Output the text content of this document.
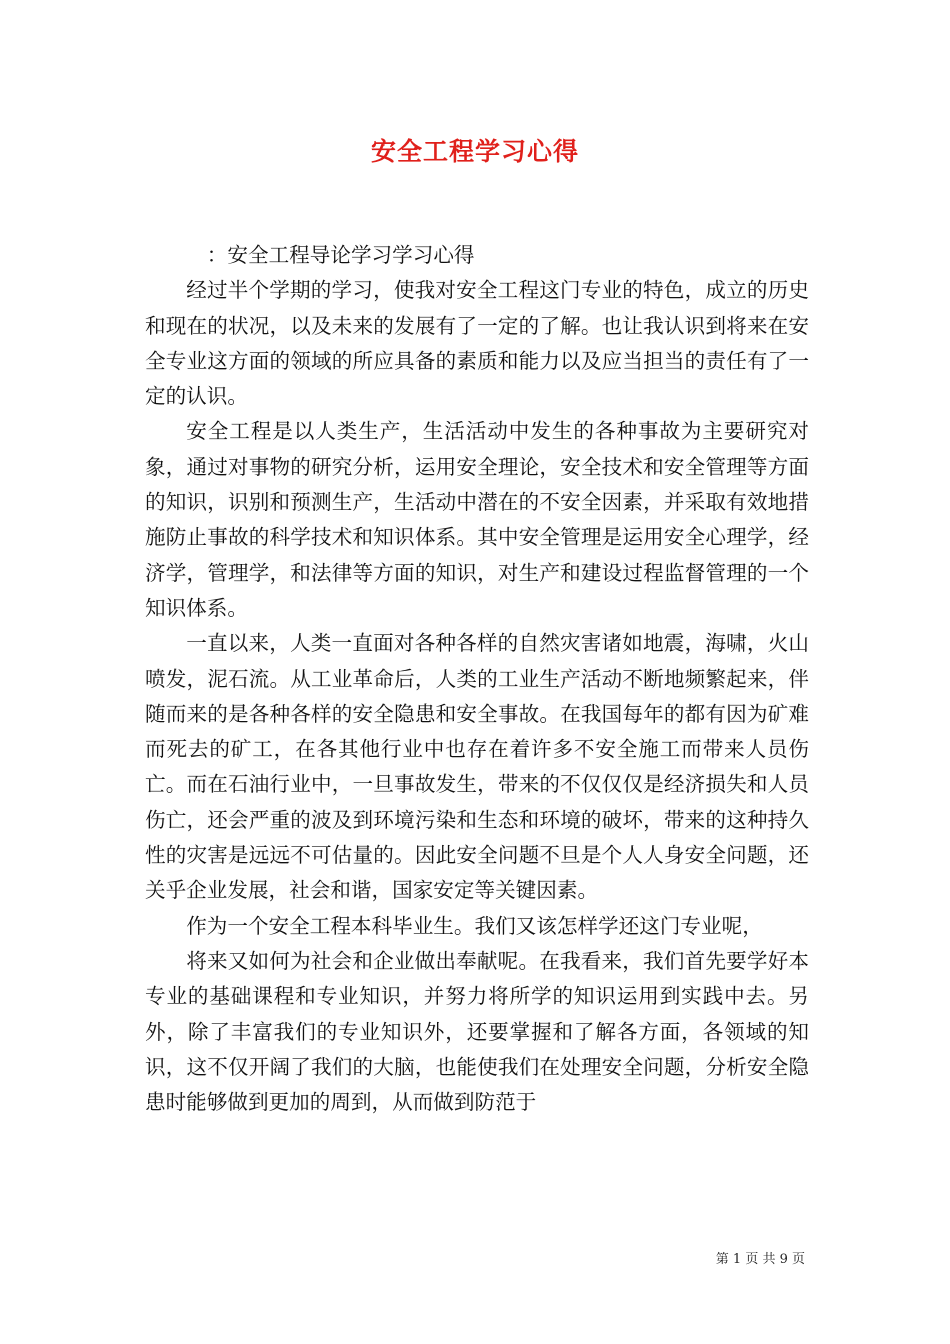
安全工程学习心得

：安全工程导论学习学习心得

经过半个学期的学习，使我对安全工程这门专业的特色，成立的历史和现在的状况，以及未来的发展有了一定的了解。也让我认识到将来在安全专业这方面的领域的所应具备的素质和能力以及应当担当的责任有了一定的认识。

安全工程是以人类生产，生活活动中发生的各种事故为主要研究对象，通过对事物的研究分析，运用安全理论，安全技术和安全管理等方面的知识，识别和预测生产，生活动中潜在的不安全因素，并采取有效地措施防止事故的科学技术和知识体系。其中安全管理是运用安全心理学，经济学，管理学，和法律等方面的知识，对生产和建设过程监督管理的一个知识体系。

一直以来，人类一直面对各种各样的自然灾害诸如地震，海啸，火山喷发，泥石流。从工业革命后，人类的工业生产活动不断地频繁起来，伴随而来的是各种各样的安全隐患和安全事故。在我国每年的都有因为矿难而死去的矿工，在各其他行业中也存在着许多不安全施工而带来人员伤亡。而在石油行业中，一旦事故发生，带来的不仅仅仅是经济损失和人员伤亡，还会严重的波及到环境污染和生态和环境的破坏，带来的这种持久性的灾害是远远不可估量的。因此安全问题不旦是个人人身安全问题，还关乎企业发展，社会和谐，国家安定等关键因素。

作为一个安全工程本科毕业生。我们又该怎样学还这门专业呢，

将来又如何为社会和企业做出奉献呢。在我看来，我们首先要学好本专业的基础课程和专业知识，并努力将所学的知识运用到实践中去。另外，除了丰富我们的专业知识外，还要掌握和了解各方面，各领域的知识，这不仅开阔了我们的大脑，也能使我们在处理安全问题，分析安全隐患时能够做到更加的周到，从而做到防范于

第 1 页 共 9 页
